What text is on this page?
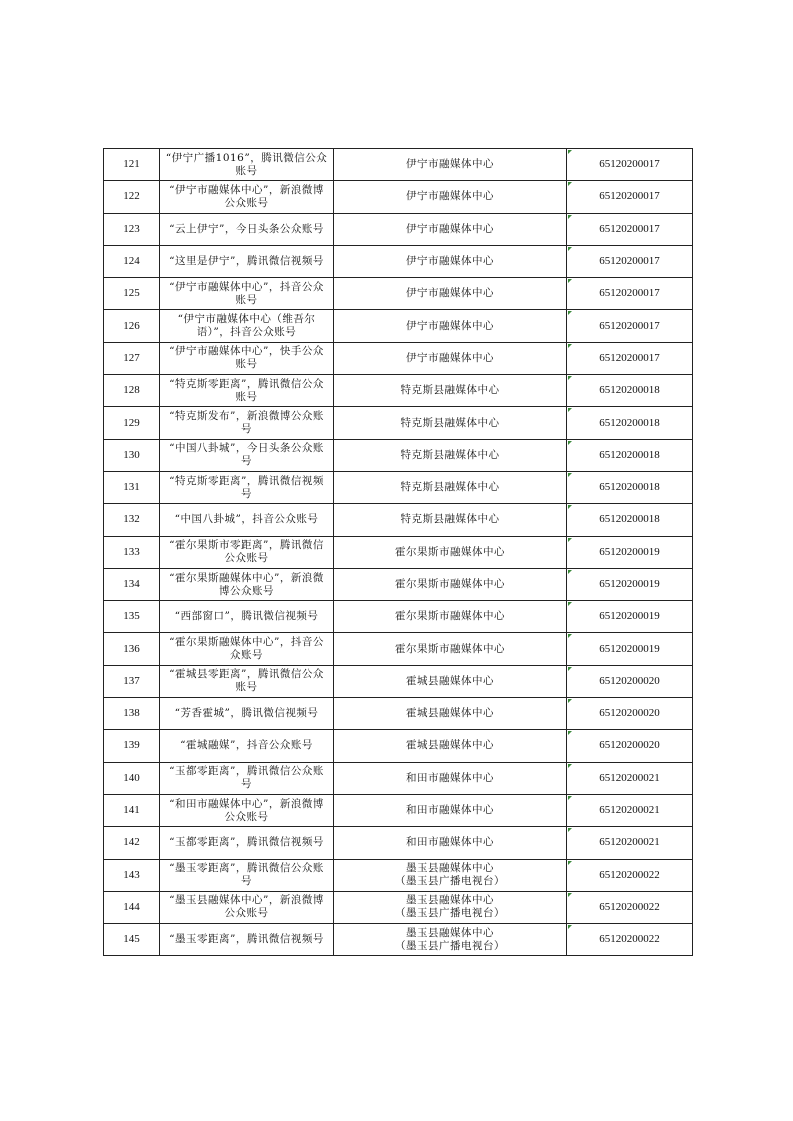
121	“伊宁广播1016”，腾讯微信公众
账号	伊宁市融媒体中心	65120200017
122	“伊宁市融媒体中心”，新浪微博
公众账号	伊宁市融媒体中心	65120200017
123	“云上伊宁”，今日头条公众账号	伊宁市融媒体中心	65120200017
124	“这里是伊宁”，腾讯微信视频号	伊宁市融媒体中心	65120200017
125	“伊宁市融媒体中心”，抖音公众
账号	伊宁市融媒体中心	65120200017
126	“伊宁市融媒体中心（维吾尔
语）”，抖音公众账号	伊宁市融媒体中心	65120200017
127	“伊宁市融媒体中心”，快手公众
账号	伊宁市融媒体中心	65120200017
128	“特克斯零距离”，腾讯微信公众
账号	特克斯县融媒体中心	65120200018
129	“特克斯发布”，新浪微博公众账号	特克斯县融媒体中心	65120200018
130	“中国八卦城”，今日头条公众账
号	特克斯县融媒体中心	65120200018
131	“特克斯零距离”，腾讯微信视频
号	特克斯县融媒体中心	65120200018
132	“中国八卦城”，抖音公众账号	特克斯县融媒体中心	65120200018
133	“霍尔果斯市零距离”，腾讯微信
公众账号	霍尔果斯市融媒体中心	65120200019
134	“霍尔果斯融媒体中心”，新浪微
博公众账号	霍尔果斯市融媒体中心	65120200019
135	“西部窗口”，腾讯微信视频号	霍尔果斯市融媒体中心	65120200019
136	“霍尔果斯融媒体中心”，抖音公
众账号	霍尔果斯市融媒体中心	65120200019
137	“霍城县零距离”，腾讯微信公众
账号	霍城县融媒体中心	65120200020
138	“芳香霍城”，腾讯微信视频号	霍城县融媒体中心	65120200020
139	“霍城融媒”，抖音公众账号	霍城县融媒体中心	65120200020
140	“玉都零距离”，腾讯微信公众账
号	和田市融媒体中心	65120200021
141	“和田市融媒体中心”，新浪微博
公众账号	和田市融媒体中心	65120200021
142	“玉都零距离”，腾讯微信视频号	和田市融媒体中心	65120200021
143	“墨玉零距离”，腾讯微信公众账
号	墨玉县融媒体中心
（墨玉县广播电视台）	65120200022
144	“墨玉县融媒体中心”，新浪微博
公众账号	墨玉县融媒体中心
（墨玉县广播电视台）	65120200022
145	“墨玉零距离”，腾讯微信视频号	墨玉县融媒体中心
（墨玉县广播电视台）	65120200022
